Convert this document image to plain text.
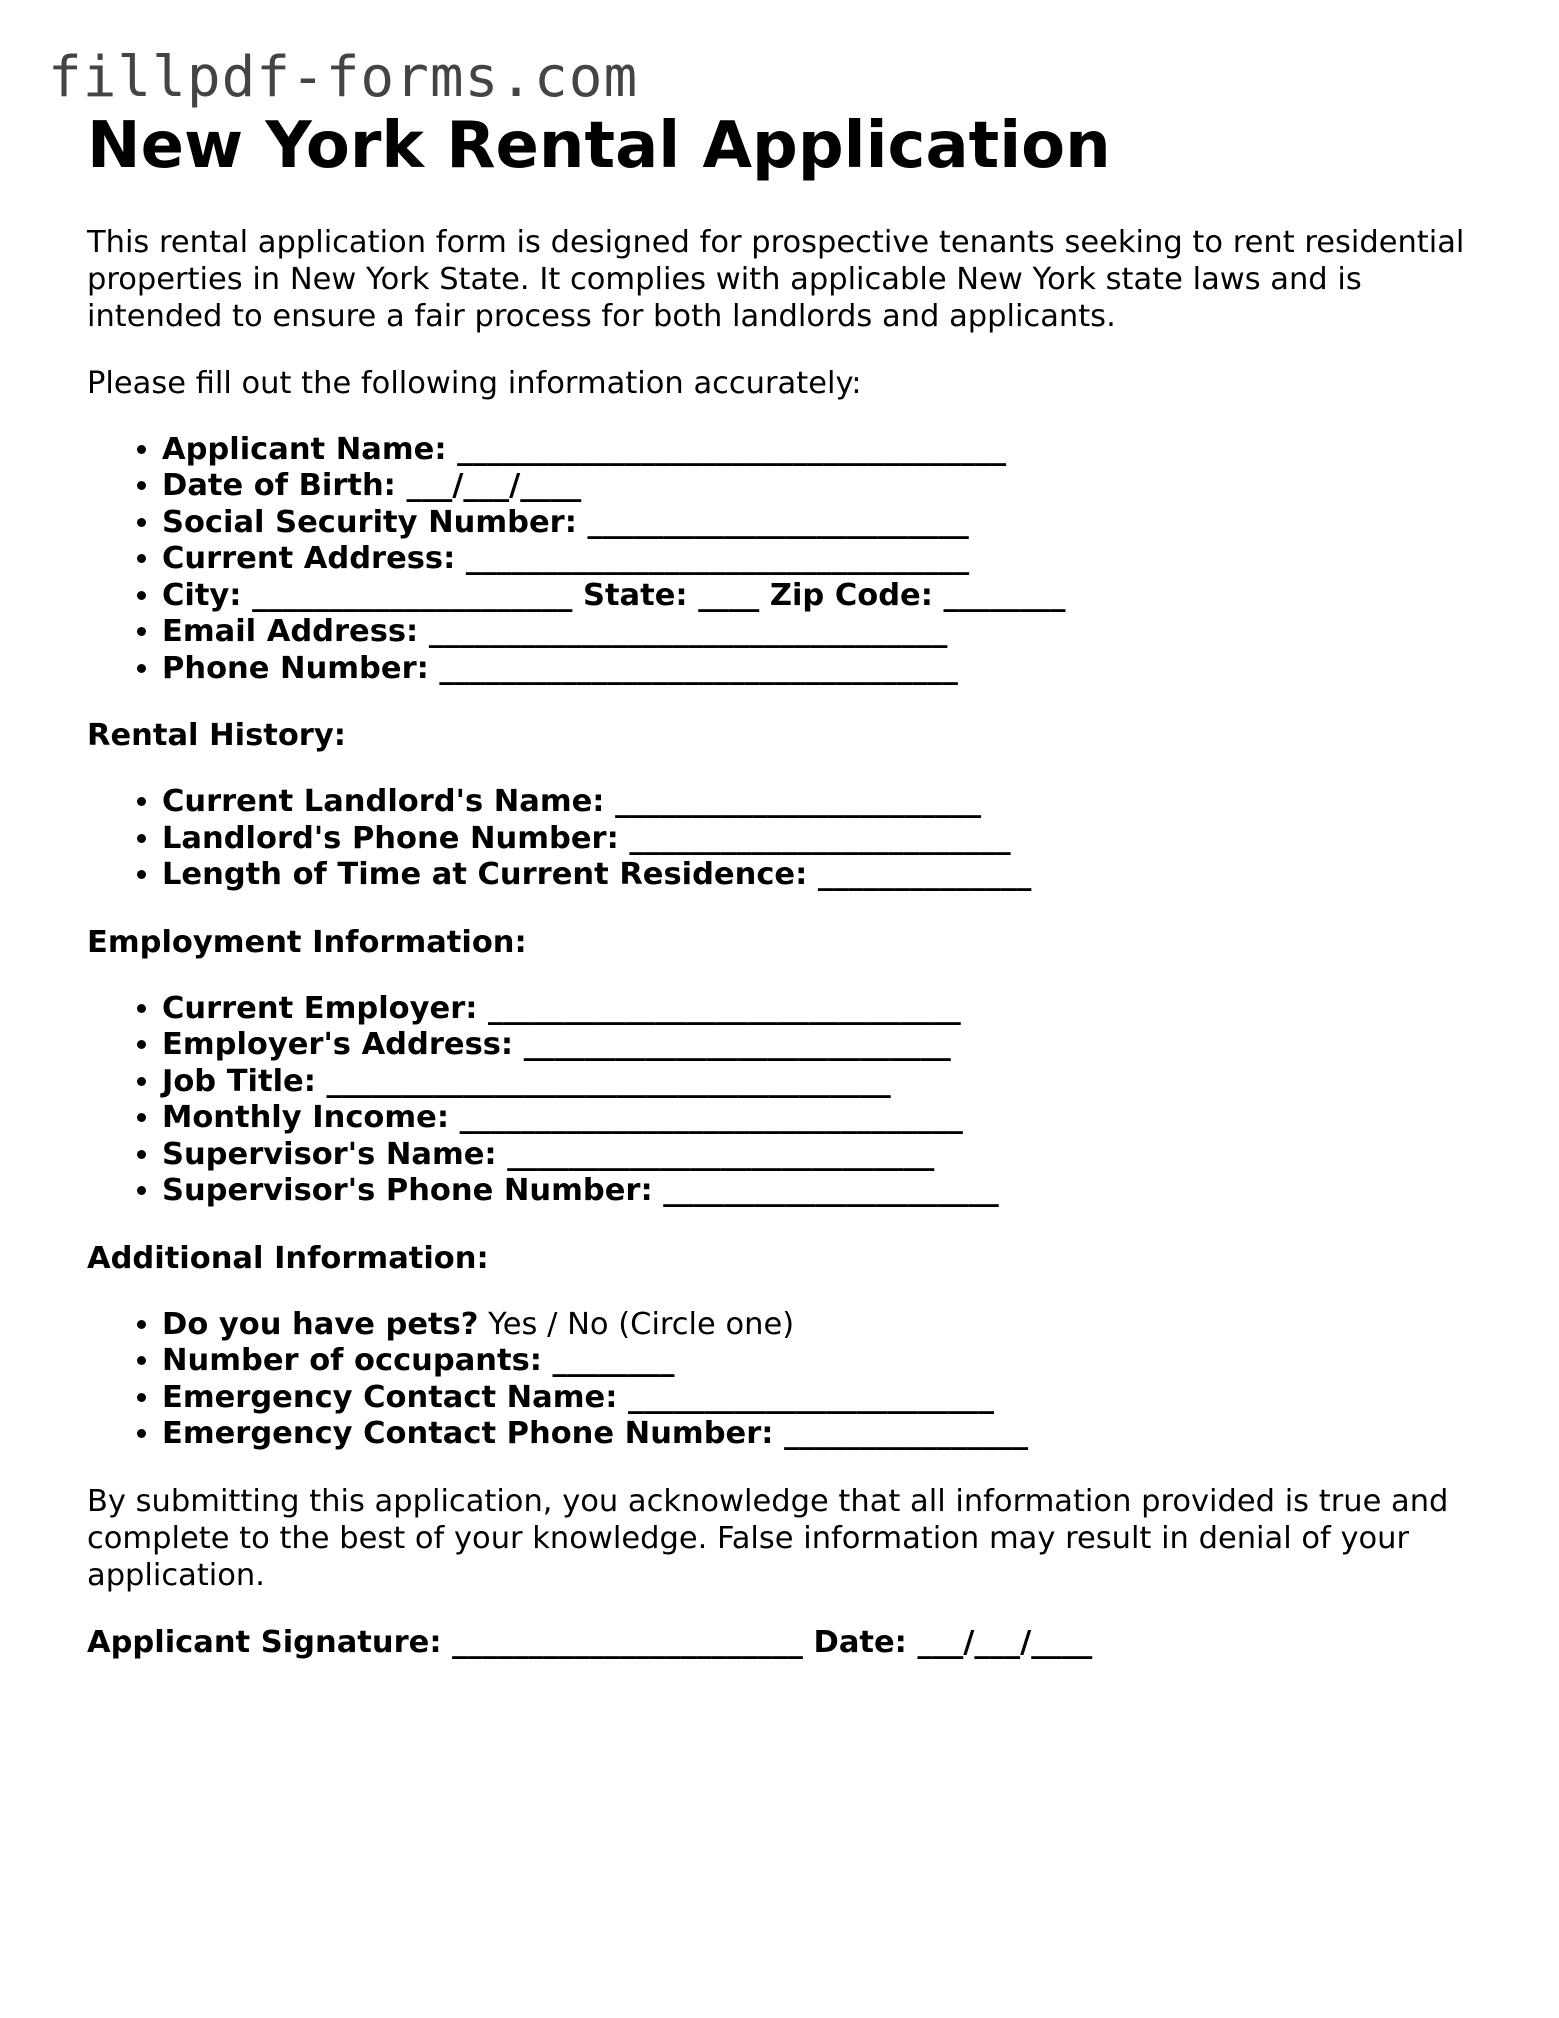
fillpdf-forms.com
New York Rental Application

This rental application form is designed for prospective tenants seeking to rent residential properties in New York State. It complies with applicable New York state laws and is intended to ensure a fair process for both landlords and applicants.

Please fill out the following information accurately:

• Applicant Name: ____________________________________
• Date of Birth: ___/___/____
• Social Security Number: _________________________
• Current Address: _________________________________
• City: _____________________ State: ____ Zip Code: ________
• Email Address: __________________________________
• Phone Number: __________________________________
Rental History:
• Current Landlord's Name: ________________________
• Landlord's Phone Number: _________________________
• Length of Time at Current Residence: ______________
Employment Information:
• Current Employer: _______________________________
• Employer's Address: ____________________________
• Job Title: _____________________________________
• Monthly Income: _________________________________
• Supervisor's Name: ____________________________
• Supervisor's Phone Number: ______________________
Additional Information:
• Do you have pets? Yes / No (Circle one)
• Number of occupants: ________
• Emergency Contact Name: ________________________
• Emergency Contact Phone Number: ________________

By submitting this application, you acknowledge that all information provided is true and complete to the best of your knowledge. False information may result in denial of your application.

Applicant Signature: _______________________ Date: ___/___/____
